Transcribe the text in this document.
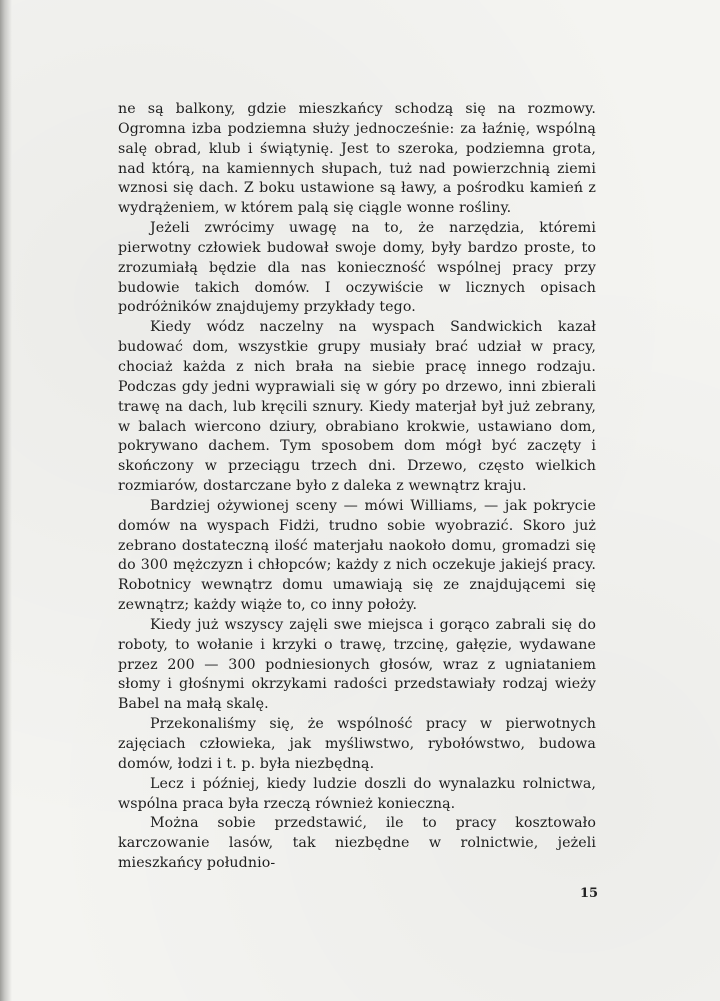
ne są balkony, gdzie mieszkańcy schodzą się na rozmowy. Ogromna izba podziemna służy jednocześnie: za łaźnię, wspólną salę obrad, klub i świątynię. Jest to szeroka, podziemna grota, nad którą, na kamiennych słupach, tuż nad powierzchnią ziemi wznosi się dach. Z boku ustawione są ławy, a pośrodku kamień z wydrążeniem, w którem palą się ciągle wonne rośliny.

Jeżeli zwrócimy uwagę na to, że narzędzia, któremi pierwotny człowiek budował swoje domy, były bardzo proste, to zrozumiałą będzie dla nas konieczność wspólnej pracy przy budowie takich domów. I oczywiście w licznych opisach podróżników znajdujemy przykłady tego.

Kiedy wódz naczelny na wyspach Sandwickich kazał budować dom, wszystkie grupy musiały brać udział w pracy, chociaż każda z nich brała na siebie pracę innego rodzaju. Podczas gdy jedni wyprawiali się w góry po drzewo, inni zbierali trawę na dach, lub kręcili sznury. Kiedy materjał był już zebrany, w balach wiercono dziury, obrabiano krokwie, ustawiano dom, pokrywano dachem. Tym sposobem dom mógł być zaczęty i skończony w przeciągu trzech dni. Drzewo, często wielkich rozmiarów, dostarczane było z daleka z wewnątrz kraju.

Bardziej ożywionej sceny — mówi Williams, — jak pokrycie domów na wyspach Fidżi, trudno sobie wyobrazić. Skoro już zebrano dostateczną ilość materjału naokoło domu, gromadzi się do 300 mężczyzn i chłopców; każdy z nich oczekuje jakiejś pracy. Robotnicy wewnątrz domu umawiają się ze znajdującemi się zewnątrz; każdy wiąże to, co inny położy.

Kiedy już wszyscy zajęli swe miejsca i gorąco zabrali się do roboty, to wołanie i krzyki o trawę, trzcinę, gałęzie, wydawane przez 200 — 300 podniesionych głosów, wraz z ugniataniem słomy i głośnymi okrzykami radości przedstawiały rodzaj wieży Babel na małą skalę.

Przekonaliśmy się, że wspólność pracy w pierwotnych zajęciach człowieka, jak myśliwstwo, rybołówstwo, budowa domów, łodzi i t. p. była niezbędną.

Lecz i później, kiedy ludzie doszli do wynalazku rolnictwa, wspólna praca była rzeczą również konieczną.

Można sobie przedstawić, ile to pracy kosztowało karczowanie lasów, tak niezbędne w rolnictwie, jeżeli mieszkańcy południo-

15
